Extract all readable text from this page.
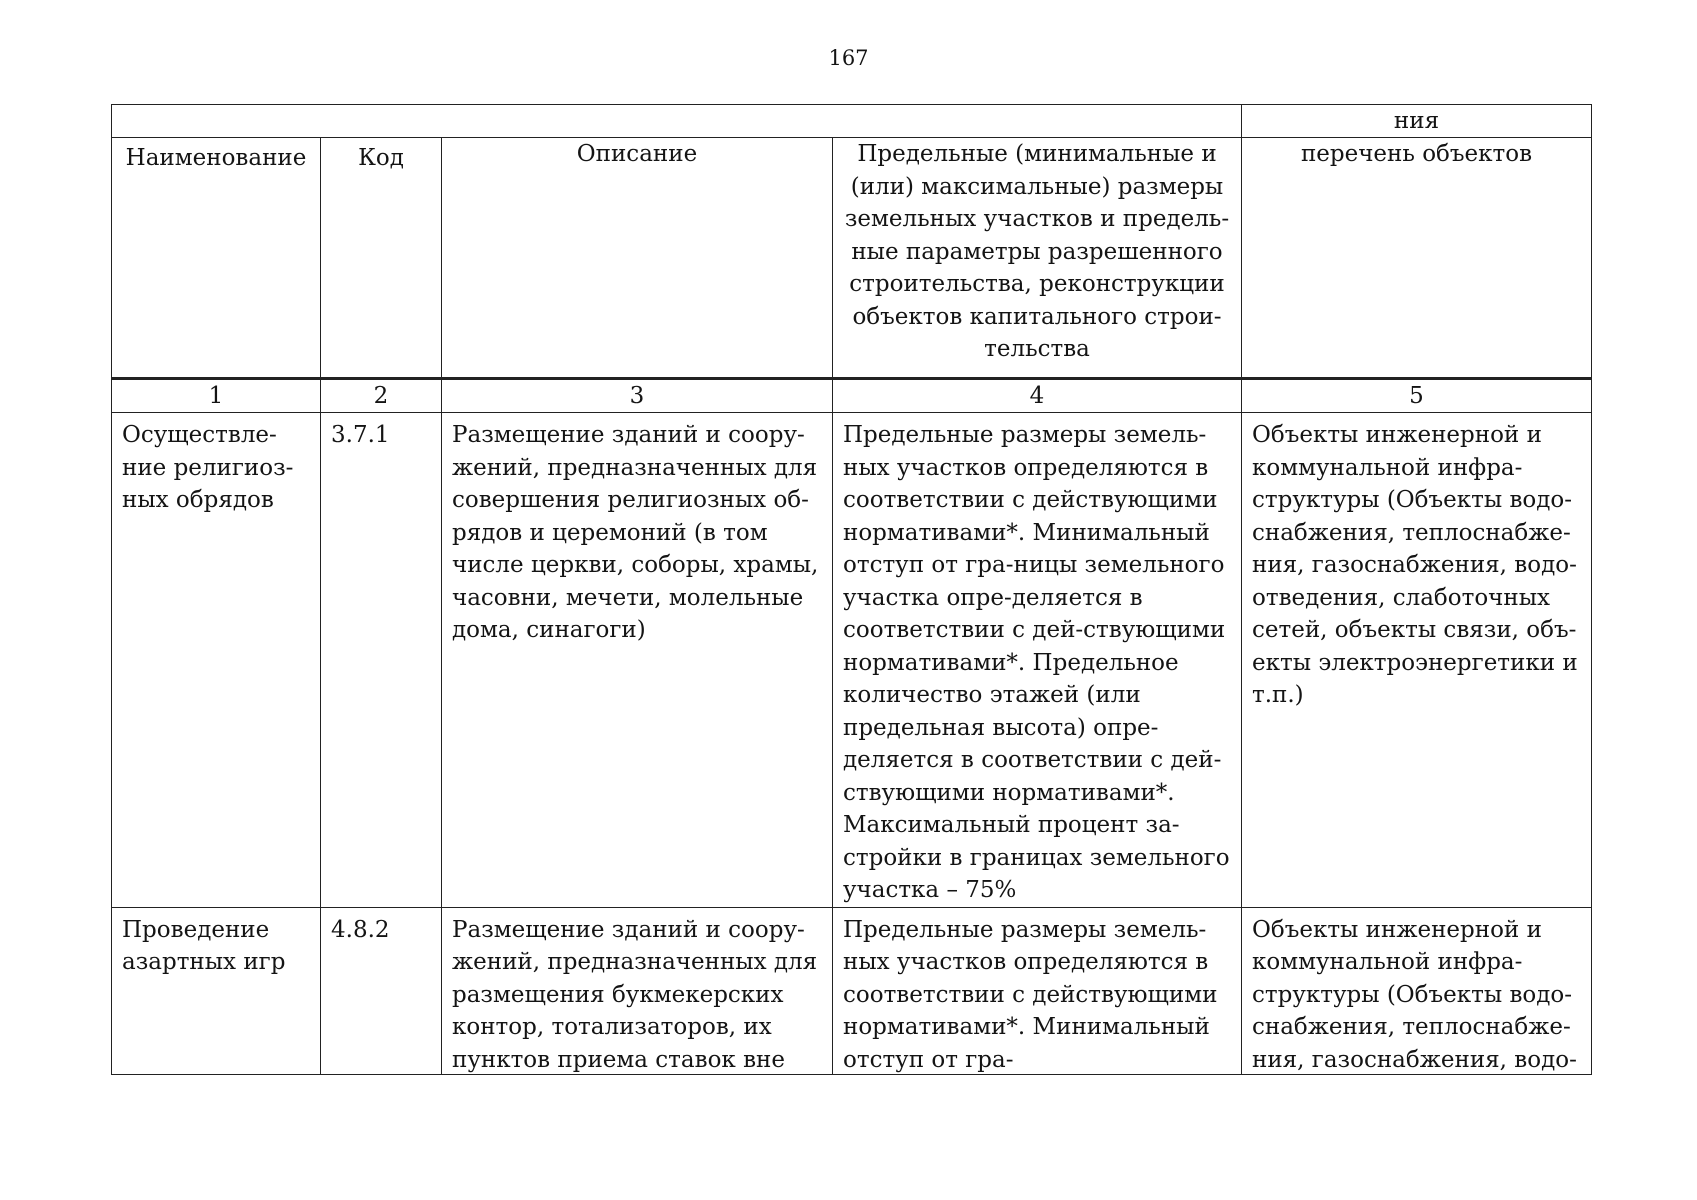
167
				ния
Наименование	Код	Описание	Предельные (минимальные и (или) максимальные) размеры земельных участков и предель-ные параметры разрешенного строительства, реконструкции объектов капитального строи-тельства	перечень объектов
1	2	3	4	5
Осуществле-ние религиоз-ных обрядов	3.7.1	Размещение зданий и соору-жений, предназначенных для совершения религиозных об-рядов и церемоний (в том числе церкви, соборы, храмы, часовни, мечети, молельные дома, синагоги)	Предельные размеры земель-ных участков определяются в соответствии с действующими нормативами*. Минимальный отступ от гра-ницы земельного участка опре-деляется в соответствии с дей-ствующими нормативами*. Предельное количество этажей (или предельная высота) опре-деляется в соответствии с дей-ствующими нормативами*. Максимальный процент за-стройки в границах земельного участка – 75%	Объекты инженерной и коммунальной инфра-структуры (Объекты водо-снабжения, теплоснабже-ния, газоснабжения, водо-отведения, слаботочных сетей, объекты связи, объ-екты электроэнергетики и т.п.)

Проведение азартных игр	4.8.2	Размещение зданий и соору-жений, предназначенных для размещения букмекерских контор, тотализаторов, их пунктов приема ставок вне	Предельные размеры земель-ных участков определяются в соответствии с действующими нормативами*. Минимальный отступ от гра-	Объекты инженерной и коммунальной инфра-структуры (Объекты водо-снабжения, теплоснабже-ния, газоснабжения, водо-
